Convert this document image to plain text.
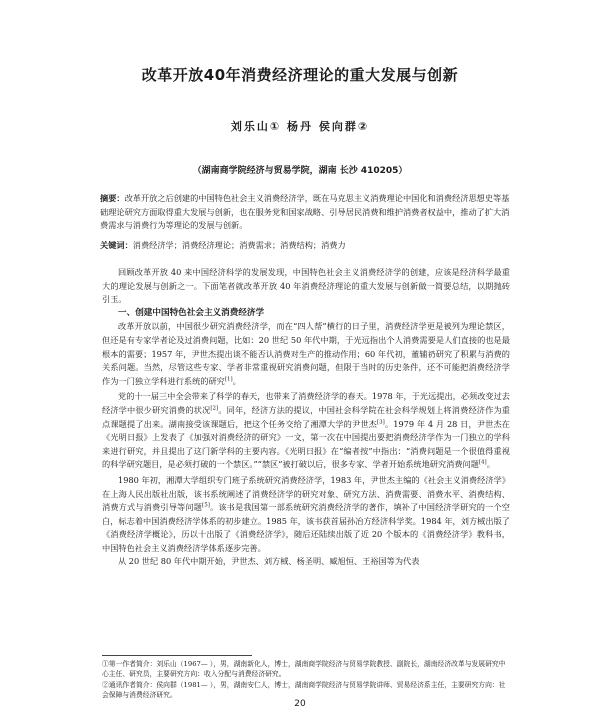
改革开放40年消费经济理论的重大发展与创新
刘乐山① 杨丹 侯向群②
（湖南商学院经济与贸易学院，湖南 长沙 410205）
摘要：改革开放之后创建的中国特色社会主义消费经济学，既在马克思主义消费理论中国化和消费经济思想史等基础理论研究方面取得重大发展与创新，也在服务党和国家战略、引导居民消费和维护消费者权益中，推动了扩大消费需求与消费行为等理论的发展与创新。
关键词：消费经济学；消费经济理论；消费需求；消费结构；消费力

回顾改革开放 40 来中国经济科学的发展发现，中国特色社会主义消费经济学的创建，应该是经济科学最重大的理论发展与创新之一。下面笔者就改革开放 40 年消费经济理论的重大发展与创新做一简要总结，以期抛砖引玉。

一、创建中国特色社会主义消费经济学

改革开放以前，中国很少研究消费经济学，而在“四人帮”横行的日子里，消费经济学更是被列为理论禁区，但还是有专家学者论及过消费问题，比如：20 世纪 50 年代中期，于光远指出个人消费需要是人们直接的也是最根本的需要；1957 年，尹世杰提出谈不能否认消费对生产的推动作用；60 年代初，董辅礽研究了积累与消费的关系问题。当然，尽管这些专家、学者非常重视研究消费问题，但限于当时的历史条件，还不可能把消费经济学作为一门独立学科进行系统的研究[1]。

党的十一届三中全会带来了科学的春天，也带来了消费经济学的春天。1978 年，于光远提出，必须改变过去经济学中很少研究消费的状况[2]。同年，经济方法的提议，中国社会科学院在社会科学规划上将消费经济作为重点课题提了出来。湖南接受该课题后，把这个任务交给了湘潭大学的尹世杰[3]。1979 年 4 月 28 日，尹世杰在《光明日报》上发表了《加强对消费经济的研究》一文，第一次在中国提出要把消费经济学作为一门独立的学科来进行研究，并且提出了这门新学科的主要内容。《光明日报》在“编者按”中指出：“消费问题是一个很值得重视的科学研究题目，是必须打破的一个禁区。”“禁区”被打破以后，很多专家、学者开始系统地研究消费问题[4]。

1980 年初，湘潭大学组织专门班子系统研究消费经济学，1983 年，尹世杰主编的《社会主义消费经济学》在上海人民出版社出版，该书系统阐述了消费经济学的研究对象、研究方法、消费需要、消费水平、消费结构、消费方式与消费引导等问题[5]。该书是我国第一部系统研究消费经济学的著作，填补了中国经济学研究的一个空白，标志着中国消费经济学体系的初步建立。1985 年，该书获首届孙冶方经济科学奖。1984 年，刘方棫出版了《消费经济学概论》，历以十出版了《消费经济学》，随后还陆续出版了近 20 个版本的《消费经济学》教科书，中国特色社会主义消费经济学体系逐步完善。

从 20 世纪 80 年代中期开始，尹世杰、刘方棫、杨圣明、臧旭恒、王裕国等为代表

①第一作者简介：刘乐山（1967— ），男，湖南新化人，博士，湖南商学院经济与贸易学院教授、副院长，湖南经济改革与发展研究中心主任、研究员，主要研究方向：收入分配与消费经济研究。

②通讯作者简介：侯向群（1981— ），男，湖南安仁人，博士，湖南商学院经济与贸易学院讲师、贸易经济系主任，主要研究方向：社会保障与消费经济研究。

20
